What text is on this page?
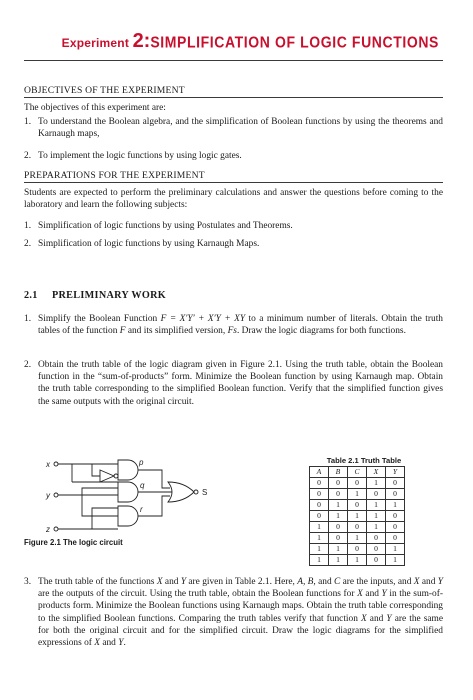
Experiment 2:SIMPLIFICATION OF LOGIC FUNCTIONS
OBJECTIVES OF THE EXPERIMENT
The objectives of this experiment are:
1. To understand the Boolean algebra, and the simplification of Boolean functions by using the theorems and Karnaugh maps,
2. To implement the logic functions by using logic gates.
PREPARATIONS FOR THE EXPERIMENT
Students are expected to perform the preliminary calculations and answer the questions before coming to the laboratory and learn the following subjects:
1. Simplification of logic functions by using Postulates and Theorems.
2. Simplification of logic functions by using Karnaugh Maps.
2.1 PRELIMINARY WORK
1. Simplify the Boolean Function F = X′Y′ + X′Y + XY to a minimum number of literals. Obtain the truth tables of the function F and its simplified version, Fs. Draw the logic diagrams for both functions.
2. Obtain the truth table of the logic diagram given in Figure 2.1. Using the truth table, obtain the Boolean function in the “sum-of-products” form. Minimize the Boolean function by using Karnaugh map. Obtain the truth table corresponding to the simplified Boolean function. Verify that the simplified function gives the same outputs with the original circuit.
x
y
z
p
q
r
S
Figure 2.1 The logic circuit
Table 2.1 Truth Table
A	B	C	X	Y
0	0	0	1	0
0	0	1	0	0
0	1	0	1	1
0	1	1	1	0
1	0	0	1	0
1	0	1	0	0
1	1	0	0	1
1	1	1	0	1
3. The truth table of the functions X and Y are given in Table 2.1. Here, A, B, and C are the inputs, and X and Y are the outputs of the circuit. Using the truth table, obtain the Boolean functions for X and Y in the sum-of-products form. Minimize the Boolean functions using Karnaugh maps. Obtain the truth table corresponding to the simplified Boolean functions. Comparing the truth tables verify that function X and Y are the same for both the original circuit and for the simplified circuit. Draw the logic diagrams for the simplified expressions of X and Y.
